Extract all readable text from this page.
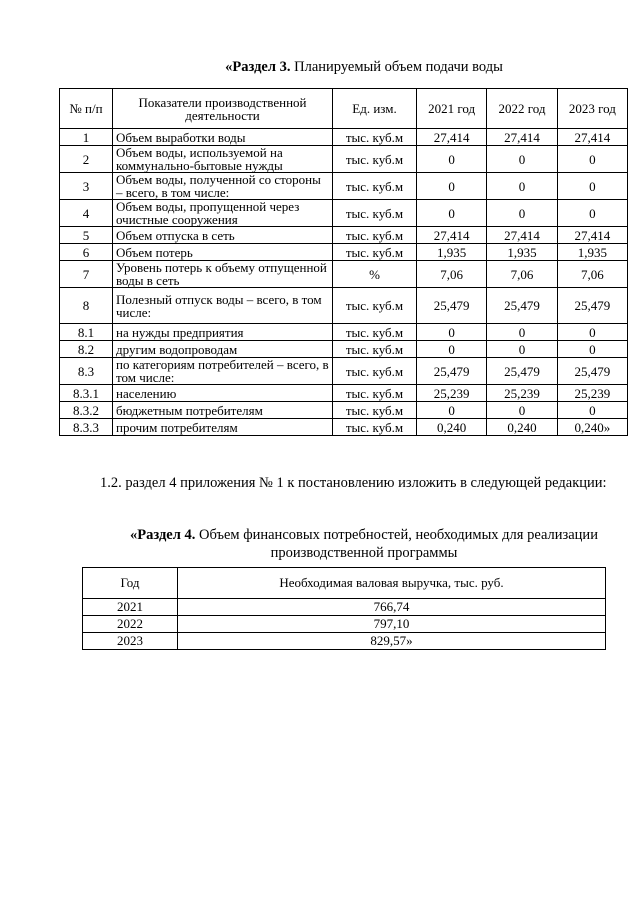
«Раздел 3. Планируемый объем подачи воды
№ п/п	Показатели производственной деятельности	Ед. изм.	2021 год	2022 год	2023 год
1	Объем выработки воды	тыс. куб.м	27,414	27,414	27,414
2	Объем воды, используемой на коммунально-бытовые нужды	тыс. куб.м	0	0	0
3	Объем воды, полученной со стороны – всего, в том числе:	тыс. куб.м	0	0	0
4	Объем воды, пропущенной через очистные сооружения	тыс. куб.м	0	0	0
5	Объем отпуска в сеть	тыс. куб.м	27,414	27,414	27,414
6	Объем потерь	тыс. куб.м	1,935	1,935	1,935
7	Уровень потерь к объему отпущенной воды в сеть	%	7,06	7,06	7,06
8	Полезный отпуск воды – всего, в том числе:	тыс. куб.м	25,479	25,479	25,479
8.1	на нужды предприятия	тыс. куб.м	0	0	0
8.2	другим водопроводам	тыс. куб.м	0	0	0
8.3	по категориям потребителей – всего, в том числе:	тыс. куб.м	25,479	25,479	25,479
8.3.1	населению	тыс. куб.м	25,239	25,239	25,239
8.3.2	бюджетным потребителям	тыс. куб.м	0	0	0
8.3.3	прочим потребителям	тыс. куб.м	0,240	0,240	0,240»
1.2. раздел 4 приложения № 1 к постановлению изложить в следующей редакции:
«Раздел 4. Объем финансовых потребностей, необходимых для реализации производственной программы
Год	Необходимая валовая выручка, тыс. руб.
2021	766,74
2022	797,10
2023	829,57»
